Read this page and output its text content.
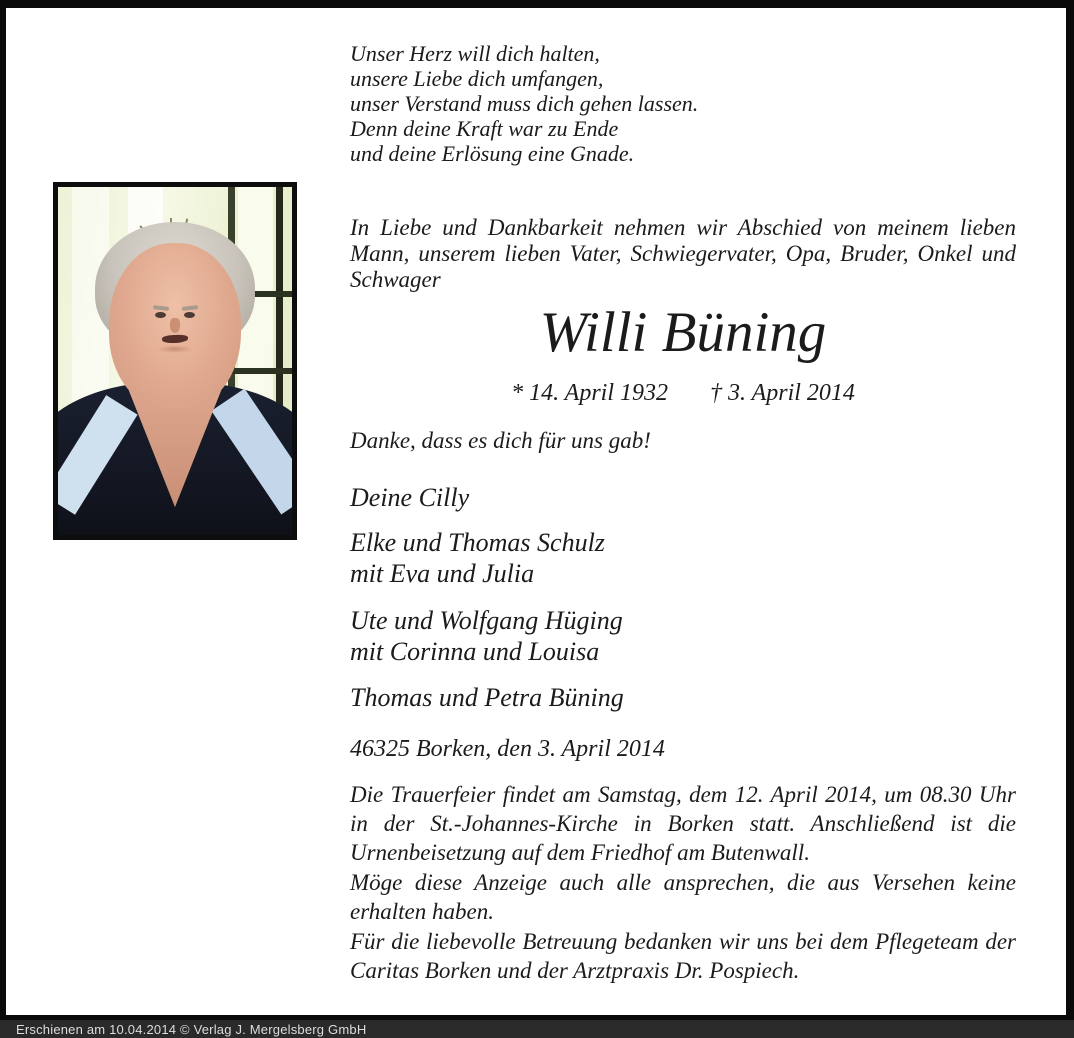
Unser Herz will dich halten,
unsere Liebe dich umfangen,
unser Verstand muss dich gehen lassen.
Denn deine Kraft war zu Ende
und deine Erlösung eine Gnade.
In Liebe und Dankbarkeit nehmen wir Abschied von meinem lieben Mann, unserem lieben Vater, Schwiegervater, Opa, Bruder, Onkel und Schwager
Willi Büning
* 14. April 1932 † 3. April 2014
Danke, dass es dich für uns gab!
Deine Cilly
Elke und Thomas Schulz
mit Eva und Julia
Ute und Wolfgang Hüging
mit Corinna und Louisa
Thomas und Petra Büning
46325 Borken, den 3. April 2014
Die Trauerfeier findet am Samstag, dem 12. April 2014, um 08.30 Uhr in der St.-Johannes-Kirche in Borken statt. Anschließend ist die Urnenbeisetzung auf dem Friedhof am Butenwall.
Möge diese Anzeige auch alle ansprechen, die aus Versehen keine erhalten haben.
Für die liebevolle Betreuung bedanken wir uns bei dem Pflegeteam der Caritas Borken und der Arztpraxis Dr. Pospiech.
Erschienen am 10.04.2014 © Verlag J. Mergelsberg GmbH
